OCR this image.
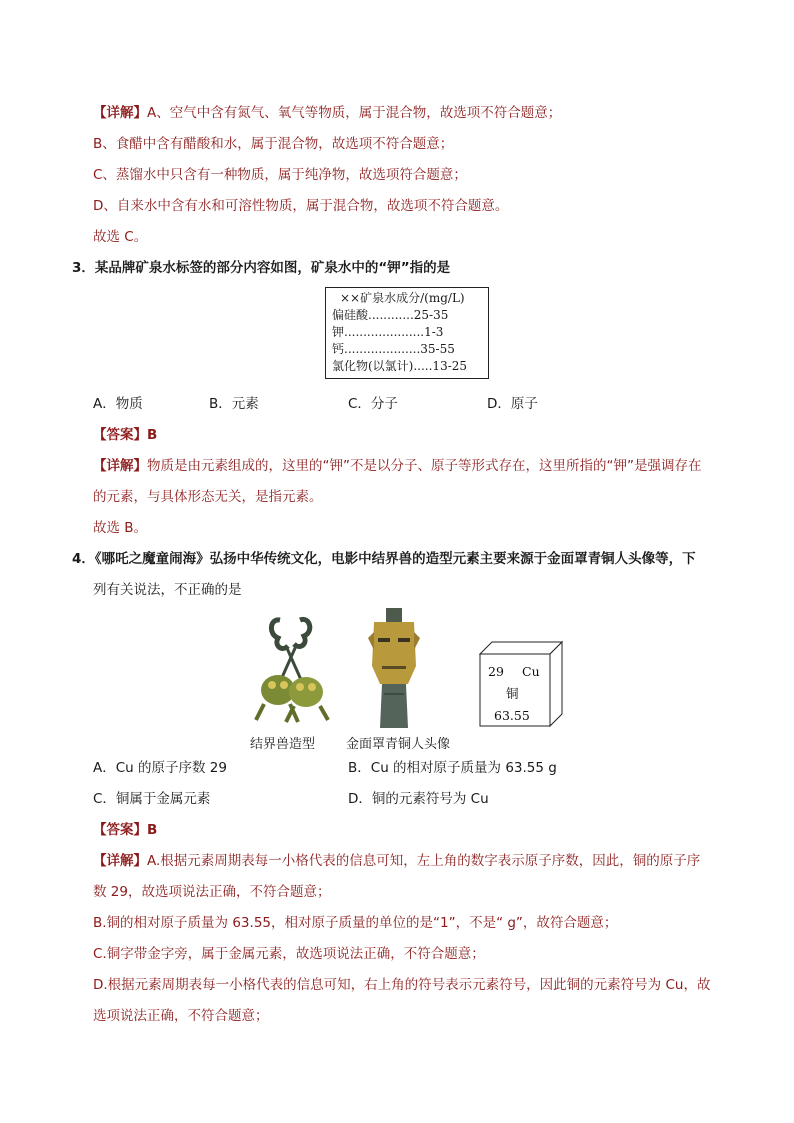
【详解】A、空气中含有氮气、氧气等物质，属于混合物，故选项不符合题意；
B、食醋中含有醋酸和水，属于混合物，故选项不符合题意；
C、蒸馏水中只含有一种物质，属于纯净物，故选项符合题意；
D、自来水中含有水和可溶性物质，属于混合物，故选项不符合题意。
故选 C。
3．某品牌矿泉水标签的部分内容如图，矿泉水中的“钾”指的是
××矿泉水成分/(mg/L)
偏硅酸............25-35
钾.....................1-3
钙....................35-55
氯化物(以氯计).....13-25
A．物质	B．元素	C．分子	D．原子
【答案】B
【详解】物质是由元素组成的，这里的“钾”不是以分子、原子等形式存在，这里所指的“钾”是强调存在
的元素，与具体形态无关，是指元素。
故选 B。
4．《哪吒之魔童闹海》弘扬中华传统文化，电影中结界兽的造型元素主要来源于金面罩青铜人头像等，下
列有关说法，不正确的是
29 Cu
铜
63.55
结界兽造型 金面罩青铜人头像
A．Cu 的原子序数 29	B．Cu 的相对原子质量为 63.55 g
C．铜属于金属元素	D．铜的元素符号为 Cu
【答案】B
【详解】A.根据元素周期表每一小格代表的信息可知，左上角的数字表示原子序数，因此，铜的原子序
数 29，故选项说法正确，不符合题意；
B.铜的相对原子质量为 63.55，相对原子质量的单位的是“1”，不是“ g”，故符合题意；
C.铜字带金字旁，属于金属元素，故选项说法正确，不符合题意；
D.根据元素周期表每一小格代表的信息可知，右上角的符号表示元素符号，因此铜的元素符号为 Cu，故
选项说法正确，不符合题意；
